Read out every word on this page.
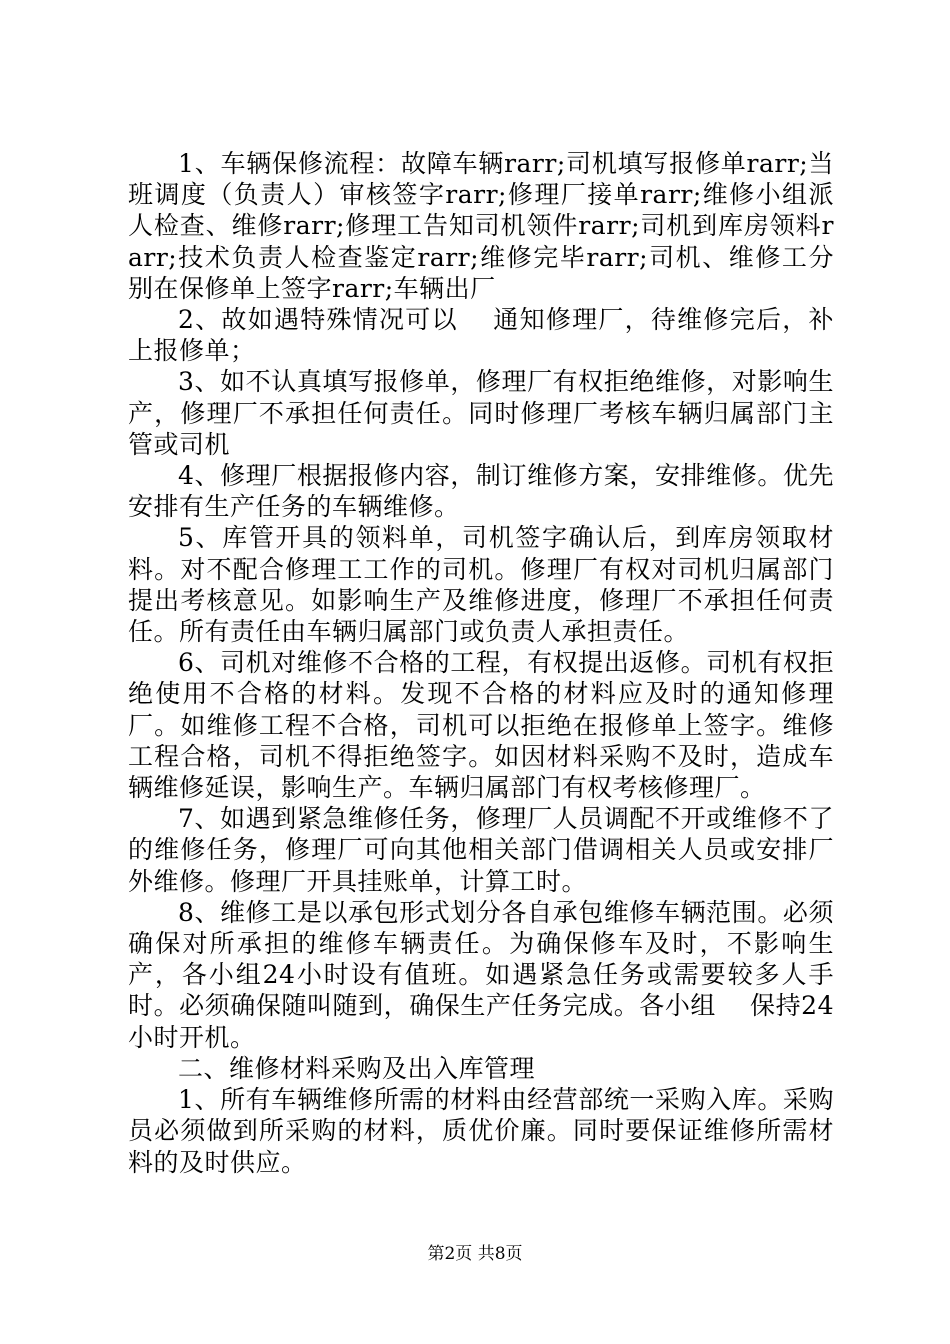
1、车辆保修流程：故障车辆rarr;司机填写报修单rarr;当班调度（负责人）审核签字rarr;修理厂接单rarr;维修小组派人检查、维修rarr;修理工告知司机领件rarr;司机到库房领料rarr;技术负责人检查鉴定rarr;维修完毕rarr;司机、维修工分别在保修单上签字rarr;车辆出厂

2、故如遇特殊情况可以　 通知修理厂，待维修完后，补上报修单；

3、如不认真填写报修单，修理厂有权拒绝维修，对影响生产，修理厂不承担任何责任。同时修理厂考核车辆归属部门主管或司机

4、修理厂根据报修内容，制订维修方案，安排维修。优先安排有生产任务的车辆维修。

5、库管开具的领料单，司机签字确认后，到库房领取材料。对不配合修理工工作的司机。修理厂有权对司机归属部门提出考核意见。如影响生产及维修进度，修理厂不承担任何责任。所有责任由车辆归属部门或负责人承担责任。

6、司机对维修不合格的工程，有权提出返修。司机有权拒绝使用不合格的材料。发现不合格的材料应及时的通知修理厂。如维修工程不合格，司机可以拒绝在报修单上签字。维修工程合格，司机不得拒绝签字。如因材料采购不及时，造成车辆维修延误，影响生产。车辆归属部门有权考核修理厂。

7、如遇到紧急维修任务，修理厂人员调配不开或维修不了的维修任务，修理厂可向其他相关部门借调相关人员或安排厂外维修。修理厂开具挂账单，计算工时。

8、维修工是以承包形式划分各自承包维修车辆范围。必须确保对所承担的维修车辆责任。为确保修车及时，不影响生产，各小组24小时设有值班。如遇紧急任务或需要较多人手时。必须确保随叫随到，确保生产任务完成。各小组　 保持24小时开机。

二、维修材料采购及出入库管理

1、所有车辆维修所需的材料由经营部统一采购入库。采购员必须做到所采购的材料，质优价廉。同时要保证维修所需材料的及时供应。

第2页 共8页
